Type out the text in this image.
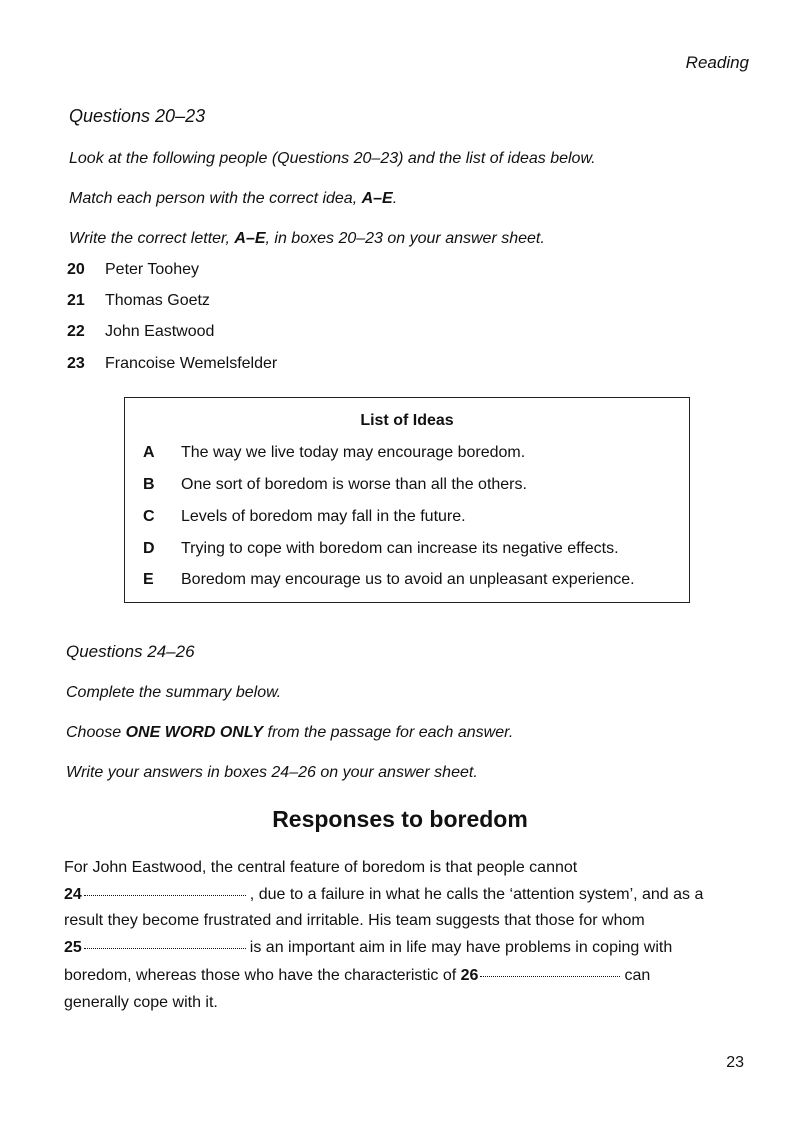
Reading
Questions 20–23
Look at the following people (Questions 20–23) and the list of ideas below.
Match each person with the correct idea, A–E.
Write the correct letter, A–E, in boxes 20–23 on your answer sheet.
20	Peter Toohey
21	Thomas Goetz
22	John Eastwood
23	Francoise Wemelsfelder
List of Ideas
A	The way we live today may encourage boredom.
B	One sort of boredom is worse than all the others.
C	Levels of boredom may fall in the future.
D	Trying to cope with boredom can increase its negative effects.
E	Boredom may encourage us to avoid an unpleasant experience.
Questions 24–26
Complete the summary below.
Choose ONE WORD ONLY from the passage for each answer.
Write your answers in boxes 24–26 on your answer sheet.
Responses to boredom
For John Eastwood, the central feature of boredom is that people cannot
24	, due to a failure in what he calls the ‘attention system’, and as a
result they become frustrated and irritable. His team suggests that those for whom
25	is an important aim in life may have problems in coping with
boredom, whereas those who have the characteristic of 26	can
generally cope with it.
23
